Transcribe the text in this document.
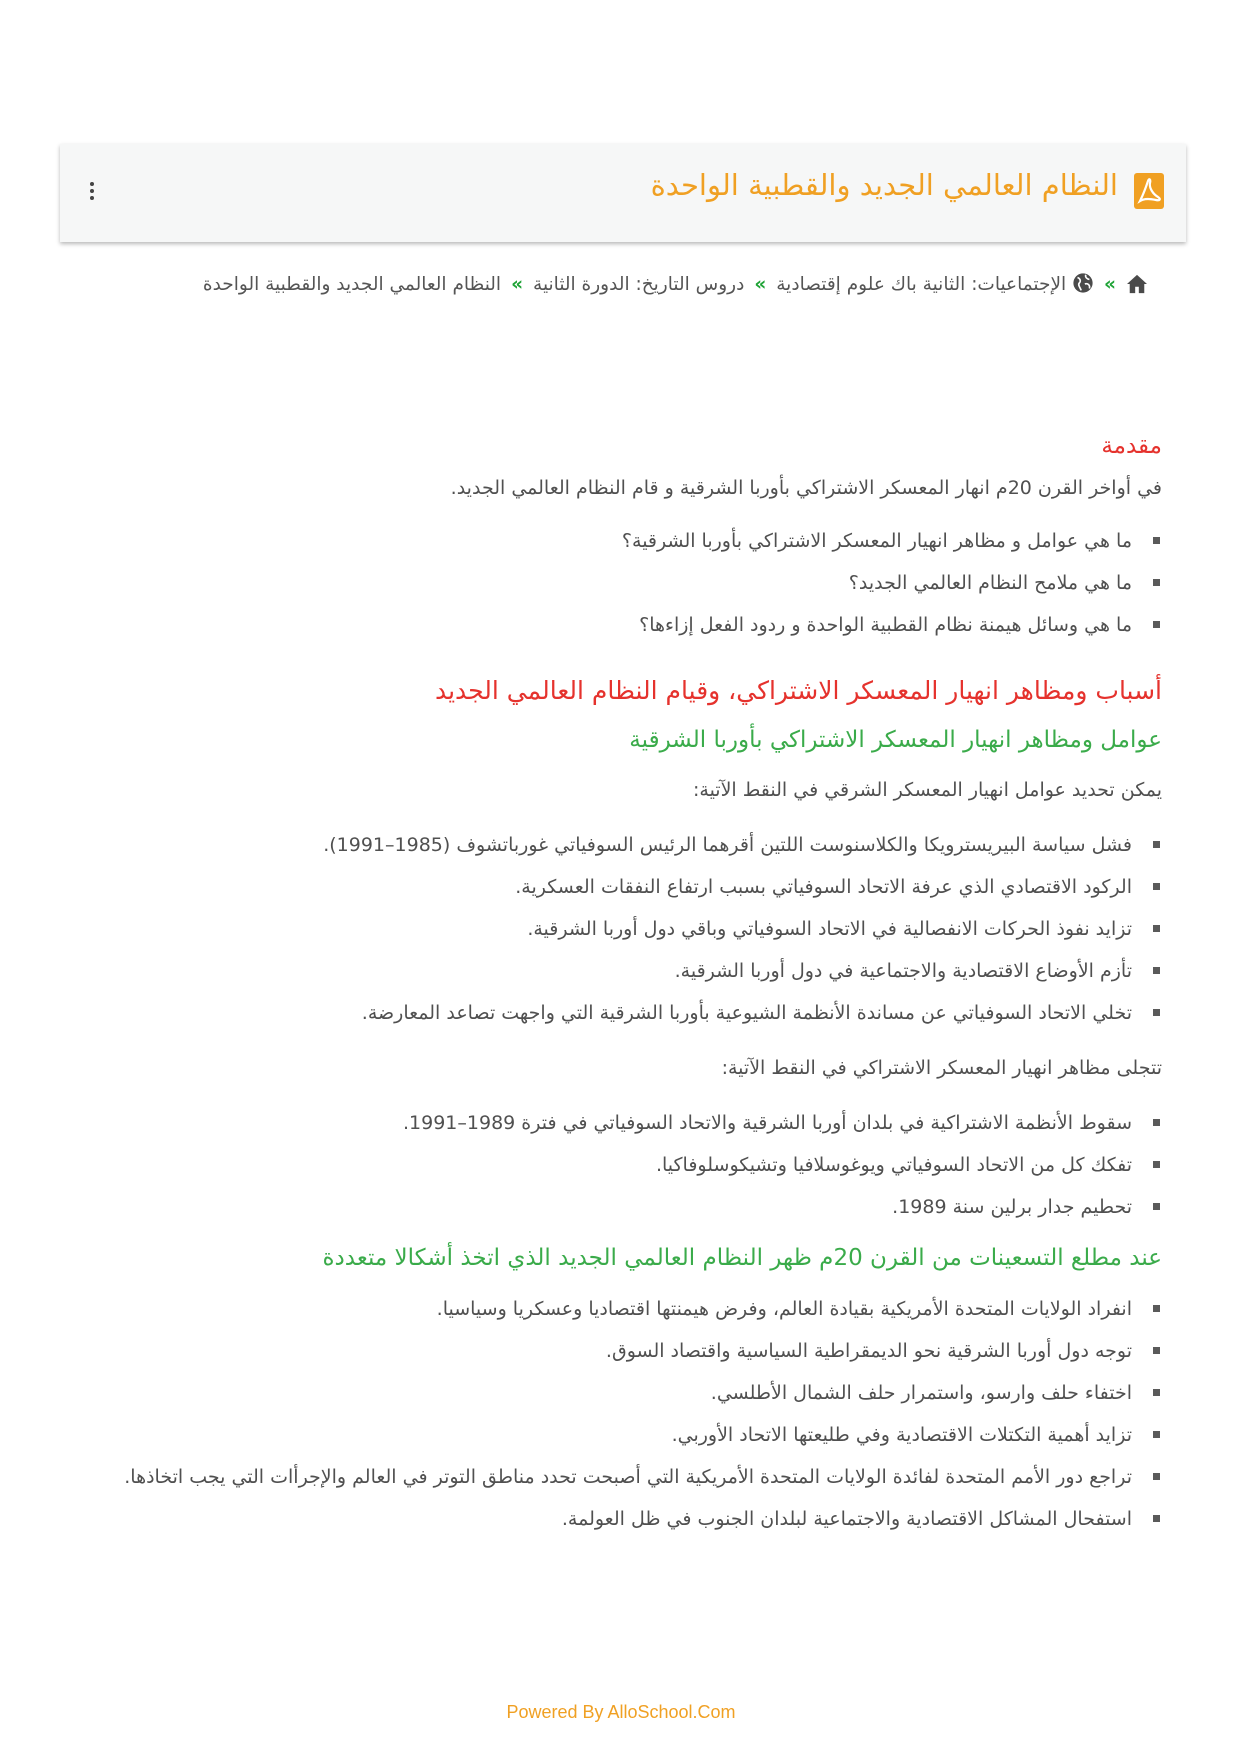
النظام العالمي الجديد والقطبية الواحدة
» الإجتماعيات: الثانية باك علوم إقتصادية»دروس التاريخ: الدورة الثانية»النظام العالمي الجديد والقطبية الواحدة
مقدمة

في أواخر القرن 20م انهار المعسكر الاشتراكي بأوربا الشرقية و قام النظام العالمي الجديد.

ما هي عوامل و مظاهر انهيار المعسكر الاشتراكي بأوربا الشرقية؟
ما هي ملامح النظام العالمي الجديد؟
ما هي وسائل هيمنة نظام القطبية الواحدة و ردود الفعل إزاءها؟
أسباب ومظاهر انهيار المعسكر الاشتراكي، وقيام النظام العالمي الجديد
عوامل ومظاهر انهيار المعسكر الاشتراكي بأوربا الشرقية

يمكن تحديد عوامل انهيار المعسكر الشرقي في النقط الآتية:

فشل سياسة البيريسترويكا والكلاسنوست اللتين أقرهما الرئيس السوفياتي غورباتشوف (1985–1991).
الركود الاقتصادي الذي عرفة الاتحاد السوفياتي بسبب ارتفاع النفقات العسكرية.
تزايد نفوذ الحركات الانفصالية في الاتحاد السوفياتي وباقي دول أوربا الشرقية.
تأزم الأوضاع الاقتصادية والاجتماعية في دول أوربا الشرقية.
تخلي الاتحاد السوفياتي عن مساندة الأنظمة الشيوعية بأوربا الشرقية التي واجهت تصاعد المعارضة.

تتجلى مظاهر انهيار المعسكر الاشتراكي في النقط الآتية:

سقوط الأنظمة الاشتراكية في بلدان أوربا الشرقية والاتحاد السوفياتي في فترة 1989–1991.
تفكك كل من الاتحاد السوفياتي ويوغوسلافيا وتشيكوسلوفاكيا.
تحطيم جدار برلين سنة 1989.
عند مطلع التسعينات من القرن 20م ظهر النظام العالمي الجديد الذي اتخذ أشكالا متعددة
انفراد الولايات المتحدة الأمريكية بقيادة العالم، وفرض هيمنتها اقتصاديا وعسكريا وسياسيا.
توجه دول أوربا الشرقية نحو الديمقراطية السياسية واقتصاد السوق.
اختفاء حلف وارسو، واستمرار حلف الشمال الأطلسي.
تزايد أهمية التكتلات الاقتصادية وفي طليعتها الاتحاد الأوربي.
تراجع دور الأمم المتحدة لفائدة الولايات المتحدة الأمريكية التي أصبحت تحدد مناطق التوتر في العالم والإجرأات التي يجب اتخاذها.
استفحال المشاكل الاقتصادية والاجتماعية لبلدان الجنوب في ظل العولمة.
Powered By AlloSchool.Com
